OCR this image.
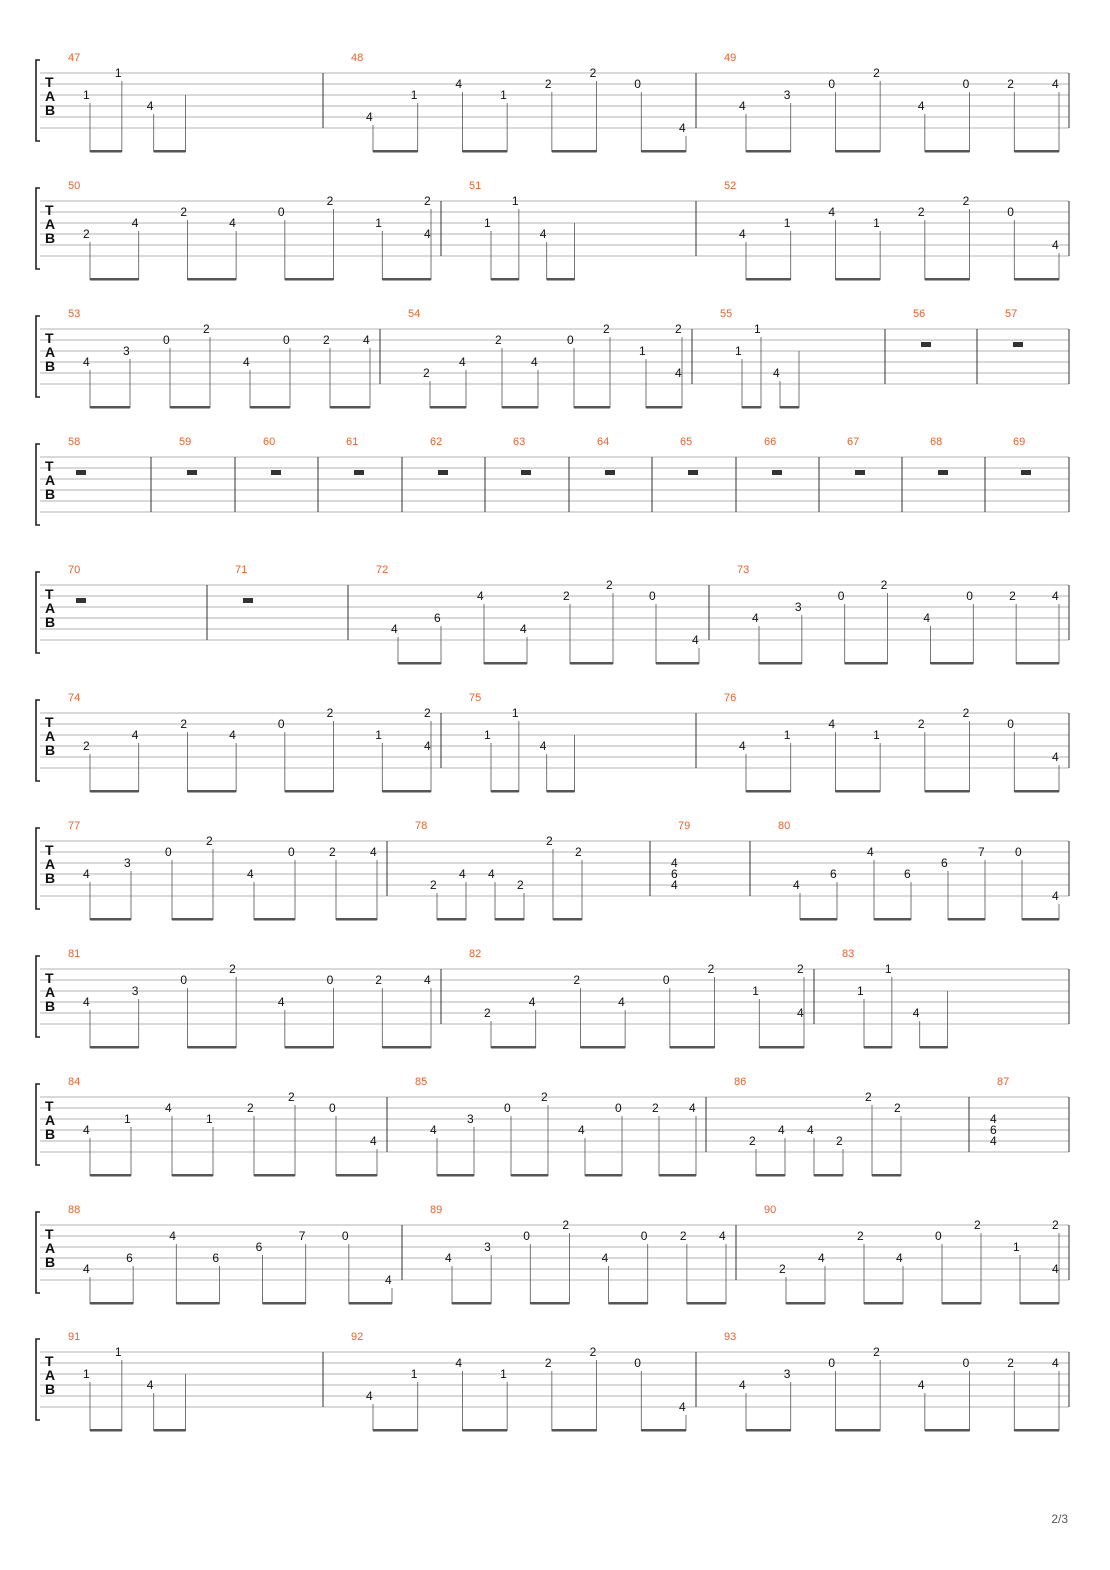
T
A
B
47
1
1
4
48
4
1
4
1
2
2
0
4
49
4
3
0
2
4
0	2	4
T
A
B
50
2
4
2
4
0
2
1
2
4
51
1
1
4
52
4
1
4
1
2
2
0
4
T
A
B
53
4
3
0
2
4
0	2	4
54
2
4
2
4
0
2
1
2
4
55
1
1
4
56	57
T
A
B
58	59	60	61	62	63	64	65	66	67	68	69
T
A
B
70	71	72
4
6
4
4
2
2
0
4
73
4
3
0
2
4
0	2	4
T
A
B
74
2
4
2
4
0
2
1
2
4
75
1
1
4
76
4
1
4
1
2
2
0
4
T
A
B
77
4
3
0
2
4
0	2	4
78
2
4 4
2
2
2
79
4
6
4
80
4
6
4
6
6
7	0
4
T
A
B
81
4
3
0
2
4
0	2	4
82
2
4
2
4
0
2
1
2
4
83
1
1
4
T
A
B
84
4
1
4
1
2
2
0
4
85
4
3
0
2
4
0	2	4
86
2
4 4
2
2
2
87
4
6
4
T
A
B
88
4
6
4
6
6
7	0
4
89
4
3
0
2
4
0	2	4
90
2
4
2
4
0
2
1
2
4
T
A
B
91
1
1
4
92
4
1
4
1
2
2
0
4
93
4
3
0
2
4
0	2	4
2/3
